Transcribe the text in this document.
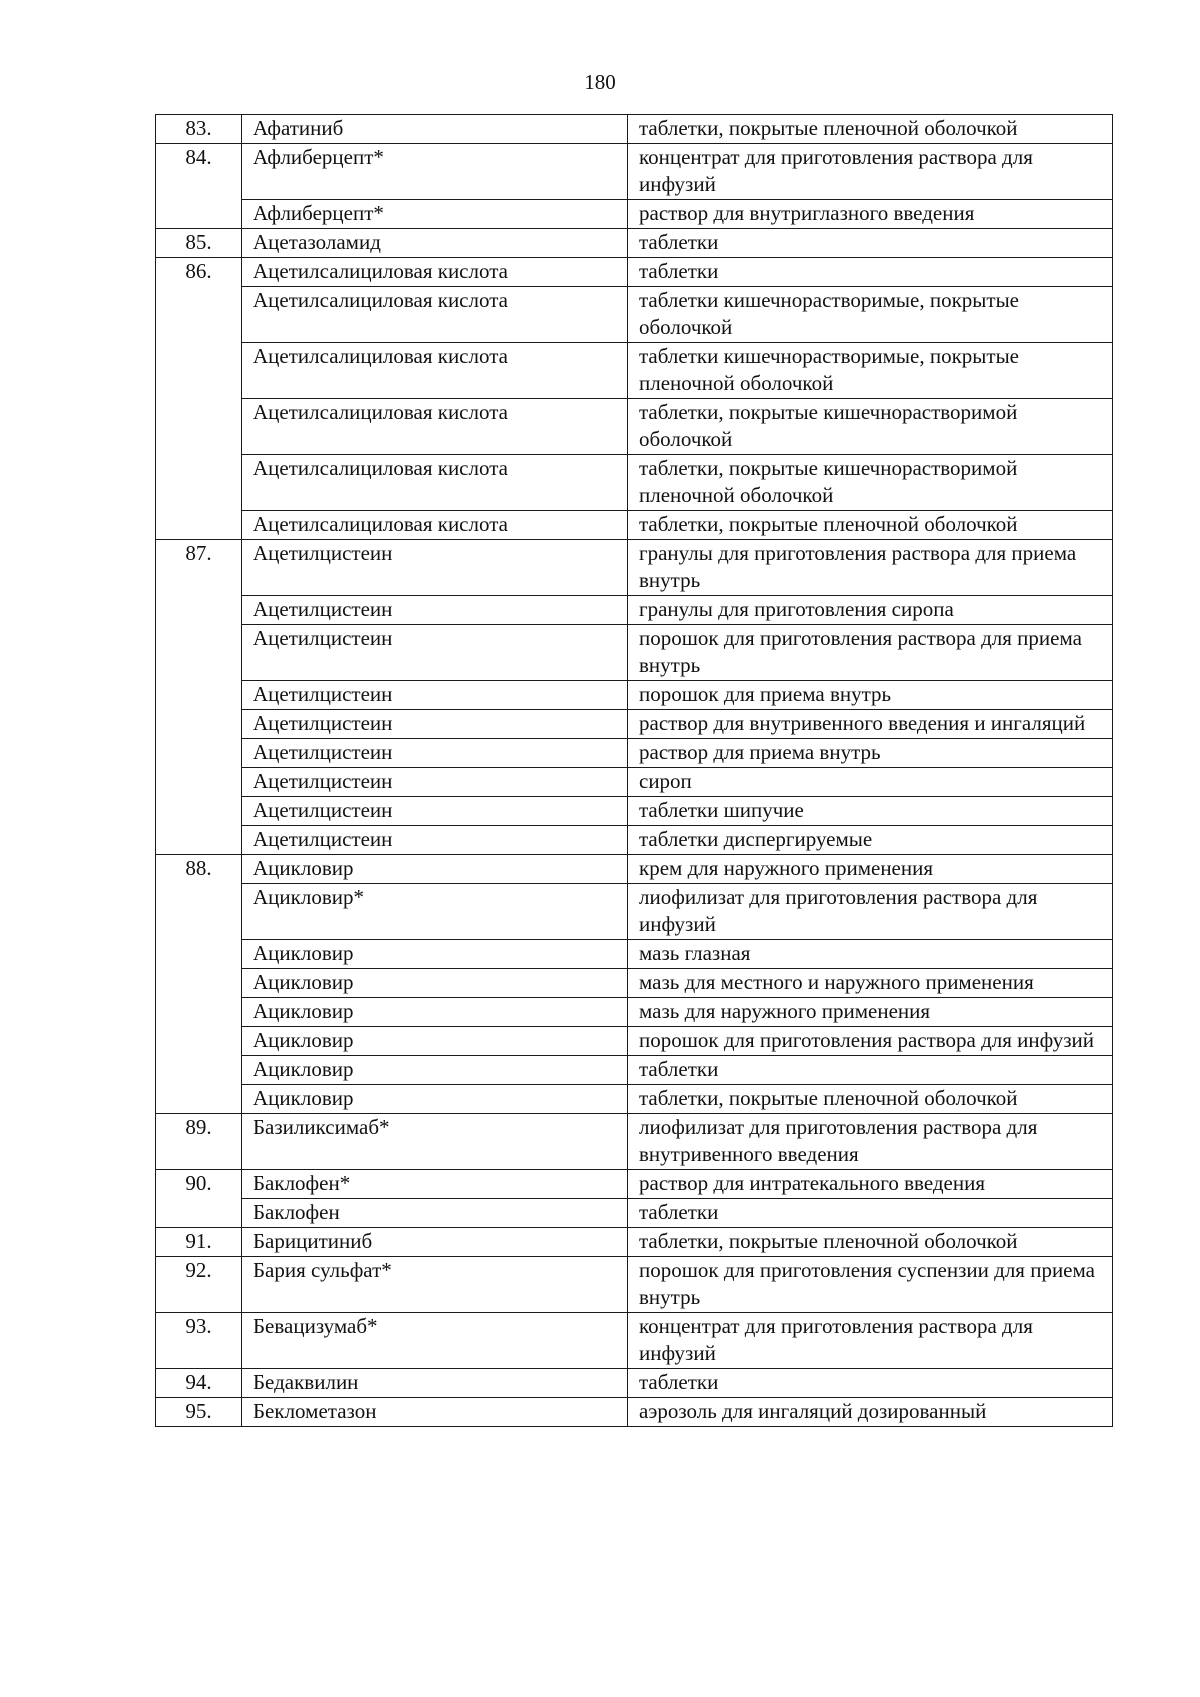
180
83.	Афатиниб	таблетки, покрытые пленочной оболочкой
84.	Афлиберцепт*	концентрат для приготовления раствора для инфузий
	Афлиберцепт*	раствор для внутриглазного введения
85.	Ацетазоламид	таблетки
86.	Ацетилсалициловая кислота	таблетки
	Ацетилсалициловая кислота	таблетки кишечнорастворимые, покрытые оболочкой
	Ацетилсалициловая кислота	таблетки кишечнорастворимые, покрытые пленочной оболочкой
	Ацетилсалициловая кислота	таблетки, покрытые кишечнорастворимой оболочкой
	Ацетилсалициловая кислота	таблетки, покрытые кишечнорастворимой пленочной оболочкой
	Ацетилсалициловая кислота	таблетки, покрытые пленочной оболочкой
87.	Ацетилцистеин	гранулы для приготовления раствора для приема внутрь
	Ацетилцистеин	гранулы для приготовления сиропа
	Ацетилцистеин	порошок для приготовления раствора для приема внутрь
	Ацетилцистеин	порошок для приема внутрь
	Ацетилцистеин	раствор для внутривенного введения и ингаляций
	Ацетилцистеин	раствор для приема внутрь
	Ацетилцистеин	сироп
	Ацетилцистеин	таблетки шипучие
	Ацетилцистеин	таблетки диспергируемые
88.	Ацикловир	крем для наружного применения
	Ацикловир*	лиофилизат для приготовления раствора для инфузий
	Ацикловир	мазь глазная
	Ацикловир	мазь для местного и наружного применения
	Ацикловир	мазь для наружного применения
	Ацикловир	порошок для приготовления раствора для инфузий
	Ацикловир	таблетки
	Ацикловир	таблетки, покрытые пленочной оболочкой
89.	Базиликсимаб*	лиофилизат для приготовления раствора для внутривенного введения
90.	Баклофен*	раствор для интратекального введения
	Баклофен	таблетки
91.	Барицитиниб	таблетки, покрытые пленочной оболочкой
92.	Бария сульфат*	порошок для приготовления суспензии для приема внутрь
93.	Бевацизумаб*	концентрат для приготовления раствора для инфузий
94.	Бедаквилин	таблетки
95.	Беклометазон	аэрозоль для ингаляций дозированный
